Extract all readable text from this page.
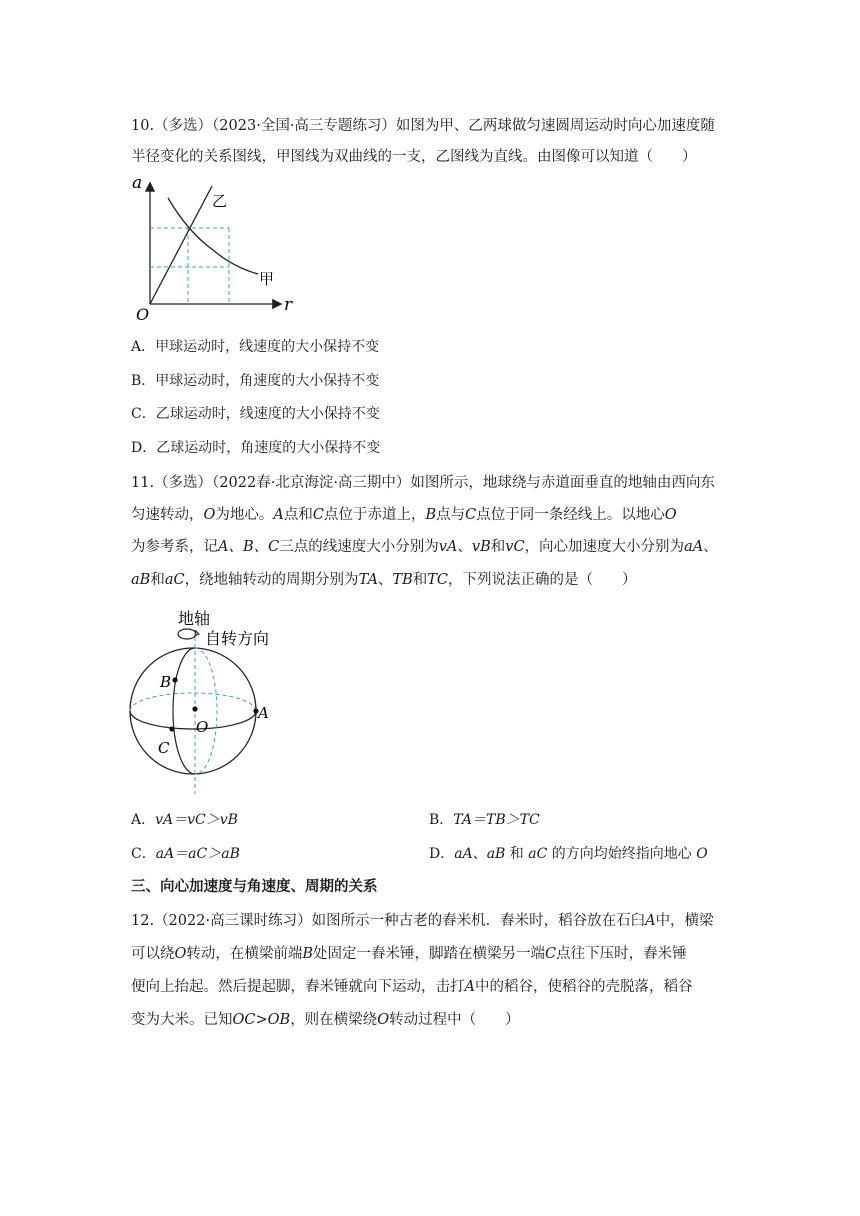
10.（多选）（2023·全国·高三专题练习）如图为甲、乙两球做匀速圆周运动时向心加速度随
半径变化的关系图线，甲图线为双曲线的一支，乙图线为直线。由图像可以知道（　　）
a
r
O
乙
甲
A．甲球运动时，线速度的大小保持不变
B．甲球运动时，角速度的大小保持不变
C．乙球运动时，线速度的大小保持不变
D．乙球运动时，角速度的大小保持不变
11.（多选）（2022春·北京海淀·高三期中）如图所示，地球绕与赤道面垂直的地轴由西向东
匀速转动，O为地心。A点和C点位于赤道上，B点与C点位于同一条经线上。以地心O
为参考系，记A、B、C三点的线速度大小分别为vA、vB和vC，向心加速度大小分别为aA、
aB和aC，绕地轴转动的周期分别为TA、TB和TC，下列说法正确的是（　　）
地轴
自转方向
B
O
A
C
A．vA＝vC＞vB	B．TA＝TB＞TC
C．aA＝aC＞aB	D．aA、aB 和 aC 的方向均始终指向地心 O
三、向心加速度与角速度、周期的关系
12.（2022·高三课时练习）如图所示一种古老的舂米机．舂米时，稻谷放在石臼A中，横梁
可以绕O转动，在横梁前端B处固定一舂米锤，脚踏在横梁另一端C点往下压时，舂米锤
便向上抬起。然后提起脚，舂米锤就向下运动，击打A中的稻谷，使稻谷的壳脱落，稻谷
变为大米。已知OC>OB，则在横梁绕O转动过程中（　　）
